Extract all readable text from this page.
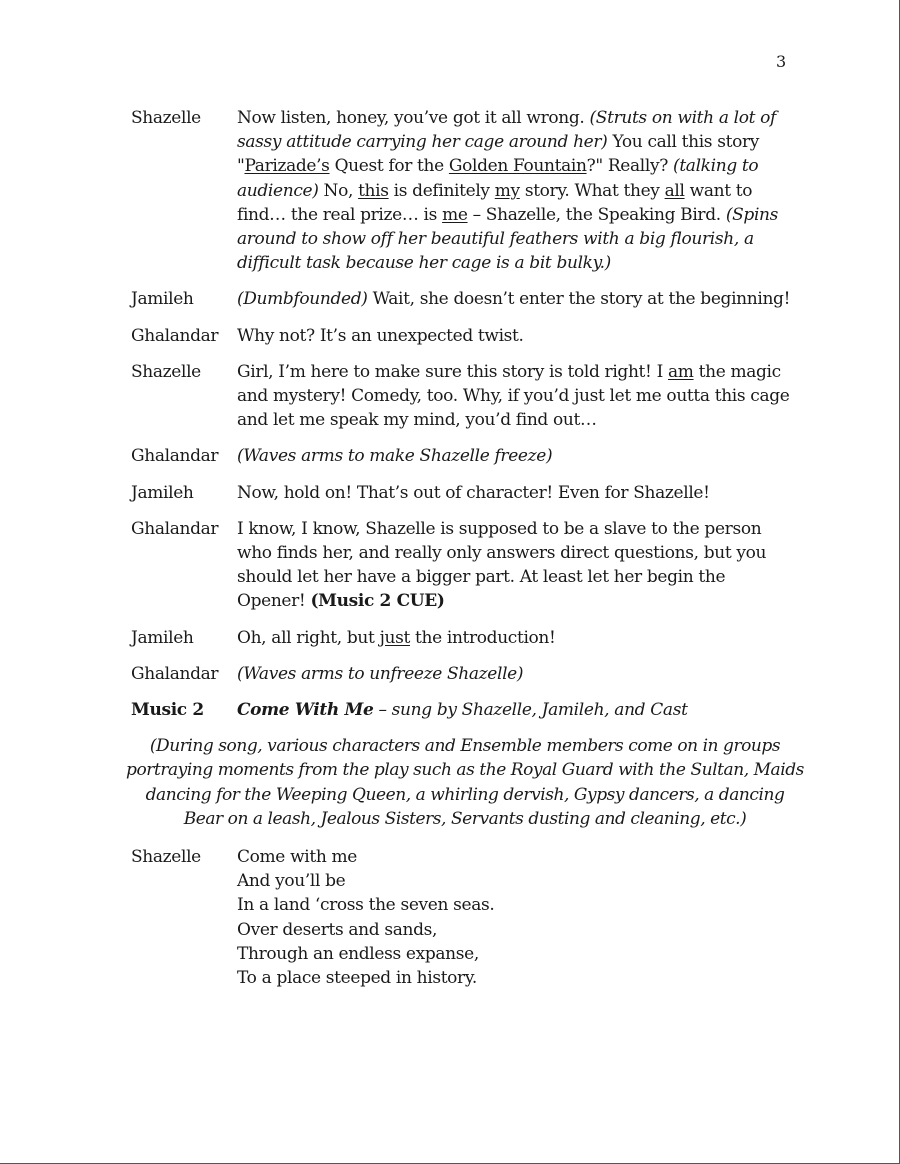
3
Shazelle	Now listen, honey, you’ve got it all wrong. (Struts on with a lot of sassy attitude carrying her cage around her) You call this story "Parizade’s Quest for the Golden Fountain?" Really? (talking to audience) No, this is definitely my story. What they all want to find… the real prize… is me – Shazelle, the Speaking Bird. (Spins around to show off her beautiful feathers with a big flourish, a difficult task because her cage is a bit bulky.)
Jamileh	(Dumbfounded) Wait, she doesn’t enter the story at the beginning!
Ghalandar	Why not? It’s an unexpected twist.
Shazelle	Girl, I’m here to make sure this story is told right! I am the magic and mystery! Comedy, too. Why, if you’d just let me outta this cage and let me speak my mind, you’d find out…
Ghalandar	(Waves arms to make Shazelle freeze)
Jamileh	Now, hold on! That’s out of character! Even for Shazelle!
Ghalandar	I know, I know, Shazelle is supposed to be a slave to the person who finds her, and really only answers direct questions, but you should let her have a bigger part. At least let her begin the Opener! (Music 2 CUE)
Jamileh	Oh, all right, but just the introduction!
Ghalandar	(Waves arms to unfreeze Shazelle)
Music 2	Come With Me – sung by Shazelle, Jamileh, and Cast
(During song, various characters and Ensemble members come on in groups portraying moments from the play such as the Royal Guard with the Sultan, Maids dancing for the Weeping Queen, a whirling dervish, Gypsy dancers, a dancing Bear on a leash, Jealous Sisters, Servants dusting and cleaning, etc.)
Shazelle	Come with me
And you’ll be
In a land ‘cross the seven seas.
Over deserts and sands,
Through an endless expanse,
To a place steeped in history.
